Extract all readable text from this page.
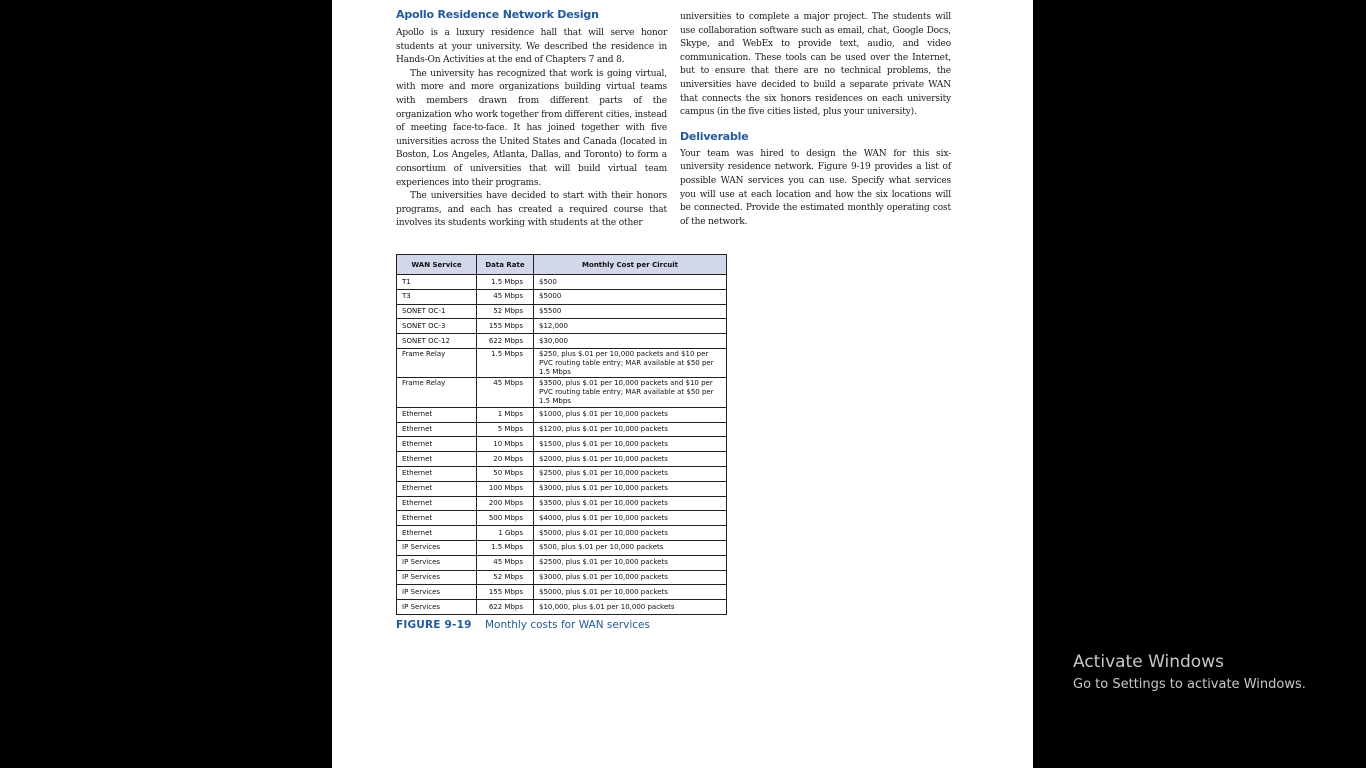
Apollo Residence Network Design

Apollo is a luxury residence hall that will serve honor students at your university. We described the residence in Hands-On Activities at the end of Chapters 7 and 8.

The university has recognized that work is going virtual, with more and more organizations building virtual teams with members drawn from different parts of the organization who work together from different cities, instead of meeting face-to-face. It has joined together with five universities across the United States and Canada (located in Boston, Los Angeles, Atlanta, Dallas, and Toronto) to form a consortium of universities that will build virtual team experiences into their programs.

The universities have decided to start with their honors programs, and each has created a required course that involves its students working with students at the other

universities to complete a major project. The students will use collaboration software such as email, chat, Google Docs, Skype, and WebEx to provide text, audio, and video communication. These tools can be used over the Internet, but to ensure that there are no technical problems, the universities have decided to build a separate private WAN that connects the six honors residences on each university campus (in the five cities listed, plus your university).

Deliverable

Your team was hired to design the WAN for this six-university residence network. Figure 9-19 provides a list of possible WAN services you can use. Specify what services you will use at each location and how the six locations will be connected. Provide the estimated monthly operating cost of the network.

WAN Service	Data Rate	Monthly Cost per Circuit
T1	1.5 Mbps	$500
T3	45 Mbps	$5000
SONET OC-1	52 Mbps	$5500
SONET OC-3	155 Mbps	$12,000
SONET OC-12	622 Mbps	$30,000
Frame Relay	1.5 Mbps	$250, plus $.01 per 10,000 packets and $10 per PVC routing table entry; MAR available at $50 per 1.5 Mbps
Frame Relay	45 Mbps	$3500, plus $.01 per 10,000 packets and $10 per PVC routing table entry; MAR available at $50 per 1.5 Mbps
Ethernet	1 Mbps	$1000, plus $.01 per 10,000 packets
Ethernet	5 Mbps	$1200, plus $.01 per 10,000 packets
Ethernet	10 Mbps	$1500, plus $.01 per 10,000 packets
Ethernet	20 Mbps	$2000, plus $.01 per 10,000 packets
Ethernet	50 Mbps	$2500, plus $.01 per 10,000 packets
Ethernet	100 Mbps	$3000, plus $.01 per 10,000 packets
Ethernet	200 Mbps	$3500, plus $.01 per 10,000 packets
Ethernet	500 Mbps	$4000, plus $.01 per 10,000 packets
Ethernet	1 Gbps	$5000, plus $.01 per 10,000 packets
IP Services	1.5 Mbps	$500, plus $.01 per 10,000 packets
IP Services	45 Mbps	$2500, plus $.01 per 10,000 packets
IP Services	52 Mbps	$3000, plus $.01 per 10,000 packets
IP Services	155 Mbps	$5000, plus $.01 per 10,000 packets
IP Services	622 Mbps	$10,000, plus $.01 per 10,000 packets
FIGURE 9-19 Monthly costs for WAN services
Activate Windows
Go to Settings to activate Windows.
